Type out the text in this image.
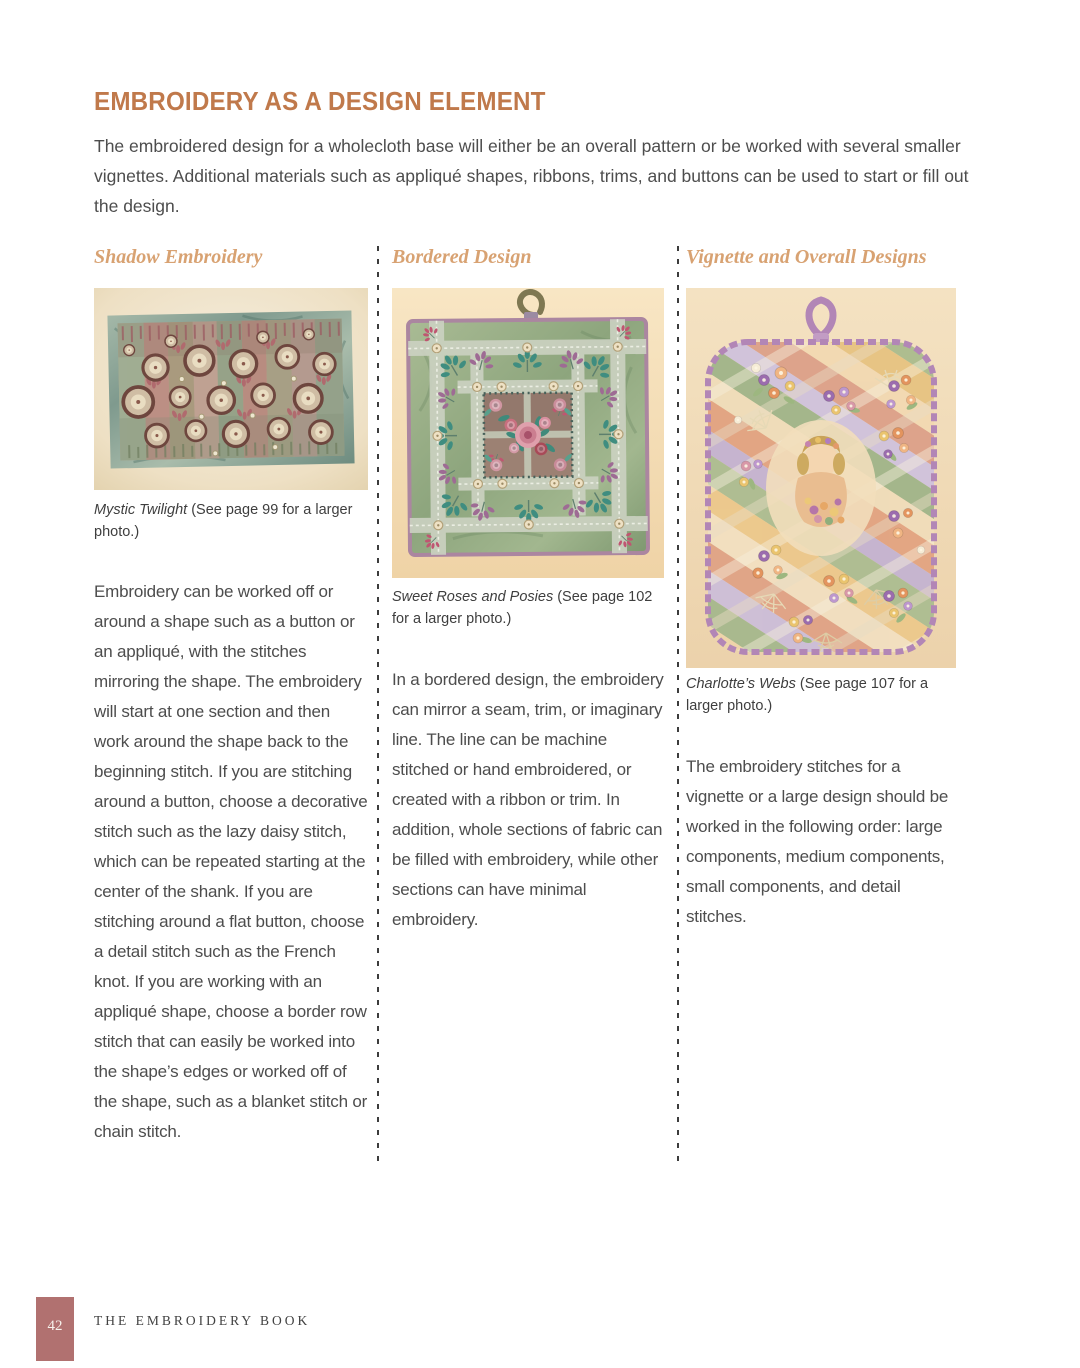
EMBROIDERY AS A DESIGN ELEMENT

The embroidered design for a wholecloth base will either be an overall pattern or be worked with several smaller vignettes. Additional materials such as appliqué shapes, ribbons, trims, and buttons can be used to start or fill out the design.

Shadow Embroidery	Bordered Design	Vignette and Overall Designs

Mystic Twilight (See page 99 for a larger photo.)

Sweet Roses and Posies (See page 102 for a larger photo.)

Charlotte’s Webs (See page 107 for a larger photo.)

Embroidery can be worked off or around a shape such as a button or an appliqué, with the stitches mirroring the shape. The embroidery will start at one section and then work around the shape back to the beginning stitch. If you are stitching around a button, choose a decorative stitch such as the lazy daisy stitch, which can be repeated starting at the center of the shank. If you are stitching around a flat button, choose a detail stitch such as the French knot. If you are working with an appliqué shape, choose a border row stitch that can easily be worked into the shape’s edges or worked off of the shape, such as a blanket stitch or chain stitch.

In a bordered design, the embroidery can mirror a seam, trim, or imaginary line. The line can be machine stitched or hand embroidered, or created with a ribbon or trim. In addition, whole sections of fabric can be filled with embroidery, while other sections can have minimal embroidery.

The embroidery stitches for a vignette or a large design should be worked in the following order: large components, medium components, small components, and detail stitches.

42 THE EMBROIDERY BOOK
